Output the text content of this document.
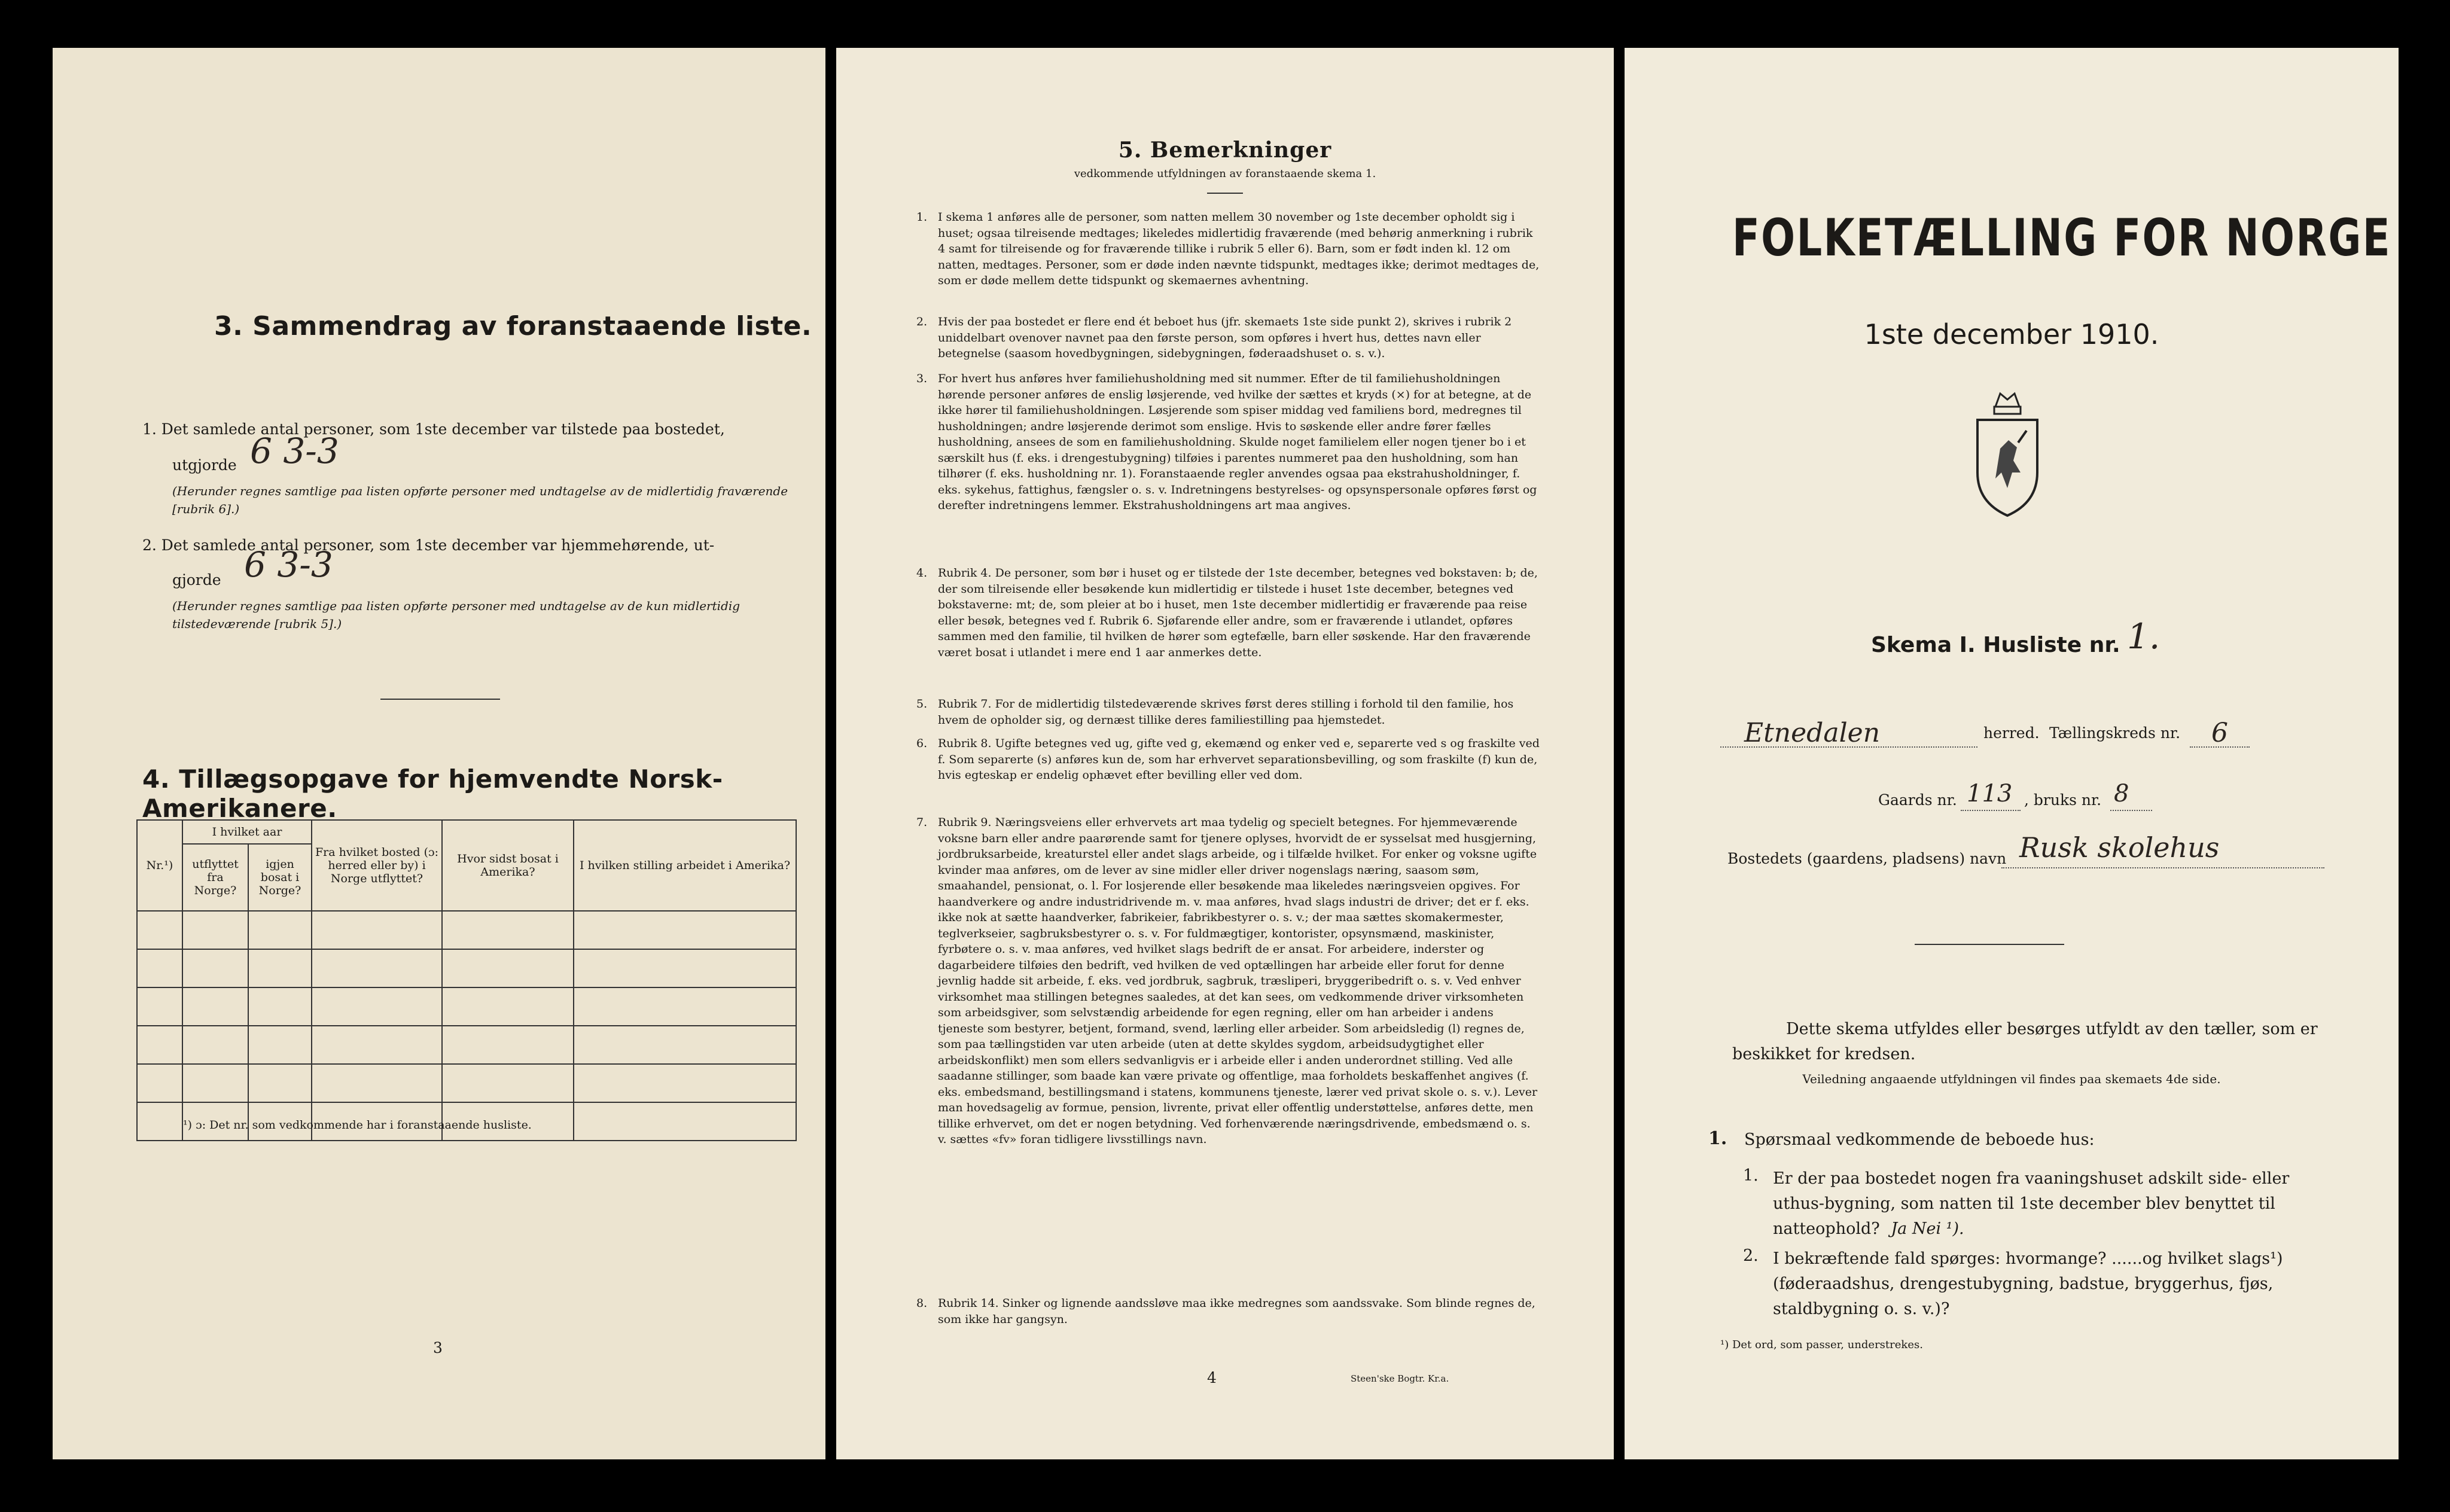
3. Sammendrag av foranstaaende liste.
1. Det samlede antal personer, som 1ste december var tilstede paa bostedet,
utgjorde 6 3-3
(Herunder regnes samtlige paa listen opførte personer med undtagelse av de midlertidig fraværende [rubrik 6].)
2. Det samlede antal personer, som 1ste december var hjemmehørende, ut-
gjorde 6 3-3
(Herunder regnes samtlige paa listen opførte personer med undtagelse av de kun midlertidig tilstedeværende [rubrik 5].)
4. Tillægsopgave for hjemvendte Norsk-Amerikanere.
Nr.¹)	I hvilket aar		Fra hvilket bosted (ɔ: herred eller by) i Norge utflyttet?	Hvor sidst bosat i Amerika?	I hvilken stilling arbeidet i Amerika?
	utflyttet fra Norge?	igjen bosat i Norge?			

¹) ɔ: Det nr. som vedkommende har i foranstaaende husliste.
3
5. Bemerkninger
vedkommende utfyldningen av foranstaaende skema 1.
1. I skema 1 anføres alle de personer, som natten mellem 30 november og 1ste december opholdt sig i huset; ogsaa tilreisende medtages; likeledes midlertidig fraværende (med behørig anmerkning i rubrik 4 samt for tilreisende og for fraværende tillike i rubrik 5 eller 6). Barn, som er født inden kl. 12 om natten, medtages. Personer, som er døde inden nævnte tidspunkt, medtages ikke; derimot medtages de, som er døde mellem dette tidspunkt og skemaernes avhentning.
2. Hvis der paa bostedet er flere end ét beboet hus (jfr. skemaets 1ste side punkt 2), skrives i rubrik 2 uniddelbart ovenover navnet paa den første person, som opføres i hvert hus, dettes navn eller betegnelse (saasom hovedbygningen, sidebygningen, føderaadshuset o. s. v.).
3. For hvert hus anføres hver familiehusholdning med sit nummer. Efter de til familiehusholdningen hørende personer anføres de enslig løsjerende, ved hvilke der sættes et kryds (×) for at betegne, at de ikke hører til familiehusholdningen. Løsjerende som spiser middag ved familiens bord, medregnes til husholdningen; andre løsjerende derimot som enslige. Hvis to søskende eller andre fører fælles husholdning, ansees de som en familiehusholdning. Skulde noget familielem eller nogen tjener bo i et særskilt hus (f. eks. i drengestubygning) tilføies i parentes nummeret paa den husholdning, som han tilhører (f. eks. husholdning nr. 1). Foranstaaende regler anvendes ogsaa paa ekstrahusholdninger, f. eks. sykehus, fattighus, fængsler o. s. v. Indretningens bestyrelses- og opsynspersonale opføres først og derefter indretningens lemmer. Ekstrahusholdningens art maa angives.
4. Rubrik 4. De personer, som bør i huset og er tilstede der 1ste december, betegnes ved bokstaven: b; de, der som tilreisende eller besøkende kun midlertidig er tilstede i huset 1ste december, betegnes ved bokstaverne: mt; de, som pleier at bo i huset, men 1ste december midlertidig er fraværende paa reise eller besøk, betegnes ved f. Rubrik 6. Sjøfarende eller andre, som er fraværende i utlandet, opføres sammen med den familie, til hvilken de hører som egtefælle, barn eller søskende. Har den fraværende været bosat i utlandet i mere end 1 aar anmerkes dette.
5. Rubrik 7. For de midlertidig tilstedeværende skrives først deres stilling i forhold til den familie, hos hvem de opholder sig, og dernæst tillike deres familiestilling paa hjemstedet.
6. Rubrik 8. Ugifte betegnes ved ug, gifte ved g, ekemænd og enker ved e, separerte ved s og fraskilte ved f. Som separerte (s) anføres kun de, som har erhvervet separationsbevilling, og som fraskilte (f) kun de, hvis egteskap er endelig ophævet efter bevilling eller ved dom.
7. Rubrik 9. Næringsveiens eller erhvervets art maa tydelig og specielt betegnes. For hjemmeværende voksne barn eller andre paarørende samt for tjenere oplyses, hvorvidt de er sysselsat med husgjerning, jordbruksarbeide, kreaturstel eller andet slags arbeide, og i tilfælde hvilket. For enker og voksne ugifte kvinder maa anføres, om de lever av sine midler eller driver nogenslags næring, saasom søm, smaahandel, pensionat, o. l. For losjerende eller besøkende maa likeledes næringsveien opgives. For haandverkere og andre industridrivende m. v. maa anføres, hvad slags industri de driver; det er f. eks. ikke nok at sætte haandverker, fabrikeier, fabrikbestyrer o. s. v.; der maa sættes skomakermester, teglverkseier, sagbruksbestyrer o. s. v. For fuldmægtiger, kontorister, opsynsmænd, maskinister, fyrbøtere o. s. v. maa anføres, ved hvilket slags bedrift de er ansat. For arbeidere, inderster og dagarbeidere tilføies den bedrift, ved hvilken de ved optællingen har arbeide eller forut for denne jevnlig hadde sit arbeide, f. eks. ved jordbruk, sagbruk, træsliperi, bryggeribedrift o. s. v. Ved enhver virksomhet maa stillingen betegnes saaledes, at det kan sees, om vedkommende driver virksomheten som arbeidsgiver, som selvstændig arbeidende for egen regning, eller om han arbeider i andens tjeneste som bestyrer, betjent, formand, svend, lærling eller arbeider. Som arbeidsledig (l) regnes de, som paa tællingstiden var uten arbeide (uten at dette skyldes sygdom, arbeidsudygtighet eller arbeidskonflikt) men som ellers sedvanligvis er i arbeide eller i anden underordnet stilling. Ved alle saadanne stillinger, som baade kan være private og offentlige, maa forholdets beskaffenhet angives (f. eks. embedsmand, bestillingsmand i statens, kommunens tjeneste, lærer ved privat skole o. s. v.). Lever man hovedsagelig av formue, pension, livrente, privat eller offentlig understøttelse, anføres dette, men tillike erhvervet, om det er nogen betydning. Ved forhenværende næringsdrivende, embedsmænd o. s. v. sættes «fv» foran tidligere livsstillings navn.
8. Rubrik 14. Sinker og lignende aandssløve maa ikke medregnes som aandssvake. Som blinde regnes de, som ikke har gangsyn.
4	Steen'ske Bogtr. Kr.a.
FOLKETÆLLING FOR NORGE
1ste december 1910.
Skema I. Husliste nr. 1.
Etnedalen	herred. Tællingskreds nr.	6
Gaards nr. 113 , bruks nr. 8
Bostedets (gaardens, pladsens) navn Rusk skolehus
Dette skema utfyldes eller besørges utfyldt av den tæller, som er beskikket for kredsen.
Veiledning angaaende utfyldningen vil findes paa skemaets 4de side.
1. Spørsmaal vedkommende de beboede hus:
1. Er der paa bostedet nogen fra vaaningshuset adskilt side- eller uthus-bygning, som natten til 1ste december blev benyttet til natteophold? Ja Nei ¹).
2. I bekræftende fald spørges: hvormange? ......og hvilket slags¹) (føderaadshus, drengestubygning, badstue, bryggerhus, fjøs, staldbygning o. s. v.)?
¹) Det ord, som passer, understrekes.
